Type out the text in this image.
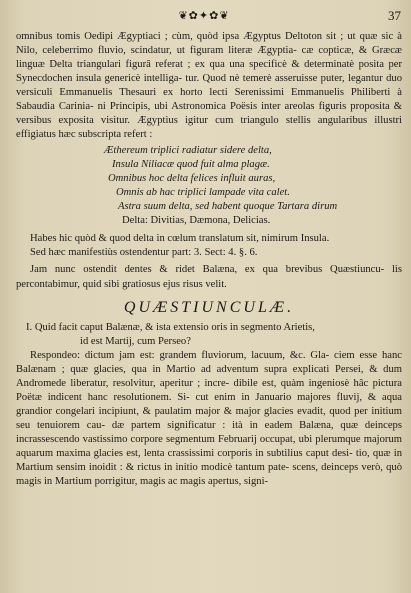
❦✿✦✿❦	37

omnibus tomis Oedipi Ægyptiaci ; cùm, quòd ipsa Ægyptus Deltoton sit ; ut quæ sic à Nilo, celeberrimo fluvio, scindatur, ut figuram literæ Ægyptia- cæ copticæ, & Græcæ linguæ Delta triangulari figurâ referat ; ex qua una specificè & determinatè posita per Synecdochen insula genericè intelliga- tur. Quod nè temerè asseruisse puter, legantur duo versiculi Emmanuelis Thesauri ex horto lecti Serenissimi Emmanuelis Philiberti à Sabaudia Carinia- ni Principis, ubi Astronomica Poësis inter areolas figuris proposita & versibus exposita visitur. Ægyptius igitur cum triangulo stellis angularibus illustri effigiatus hæc subscripta refert :

Æthereum triplici radiatur sidere delta,
Insula Niliacæ quod fuit alma plagæ.
Omnibus hoc delta felices influit auras,
Omnis ab hac triplici lampade vita calet.
Astra suum delta, sed habent quoque Tartara dirum
Delta: Divitias, Dæmona, Delicias.

Habes hic quòd & quod delta in cœlum translatum sit, nimirum Insula.

Sed hæc manifestiùs ostendentur part: 3. Sect: 4. §. 6.

Jam nunc ostendit dentes & ridet Balæna, ex qua brevibus Quæstiuncu- lis percontabimur, quid sibi gratiosus ejus risus velit.

QUÆSTIUNCULÆ.

I. Quid facit caput Balænæ, & ista extensio oris in segmento Arietis,

id est Martij, cum Perseo?

Respondeo: dictum jam est: grandem fluviorum, lacuum, &c. Gla- ciem esse hanc Balænam ; quæ glacies, qua in Martio ad adventum supra explicati Persei, & dum Andromede liberatur, resolvitur, aperitur ; incre- dibile est, quàm ingeniosè hâc pictura Poëtæ indicent hanc resolutionem. Si- cut enim in Januario majores fluvij, & aqua grandior congelari incipiunt, & paulatim major & major glacies evadit, quod per initium seu tenuiorem cau- dæ partem significatur : ità in eadem Balæna, quæ deinceps incrassescendo vastissimo corpore segmentum Februarij occupat, ubi plerumque majorum aquarum maxima glacies est, lenta crassissimi corporis in subtilius caput desi- tio, quæ in Martium sensim inoidit : & rictus in initio modicè tantum pate- scens, deinceps verò, quò magis in Martium porrigitur, magis ac magis apertus, signi-
